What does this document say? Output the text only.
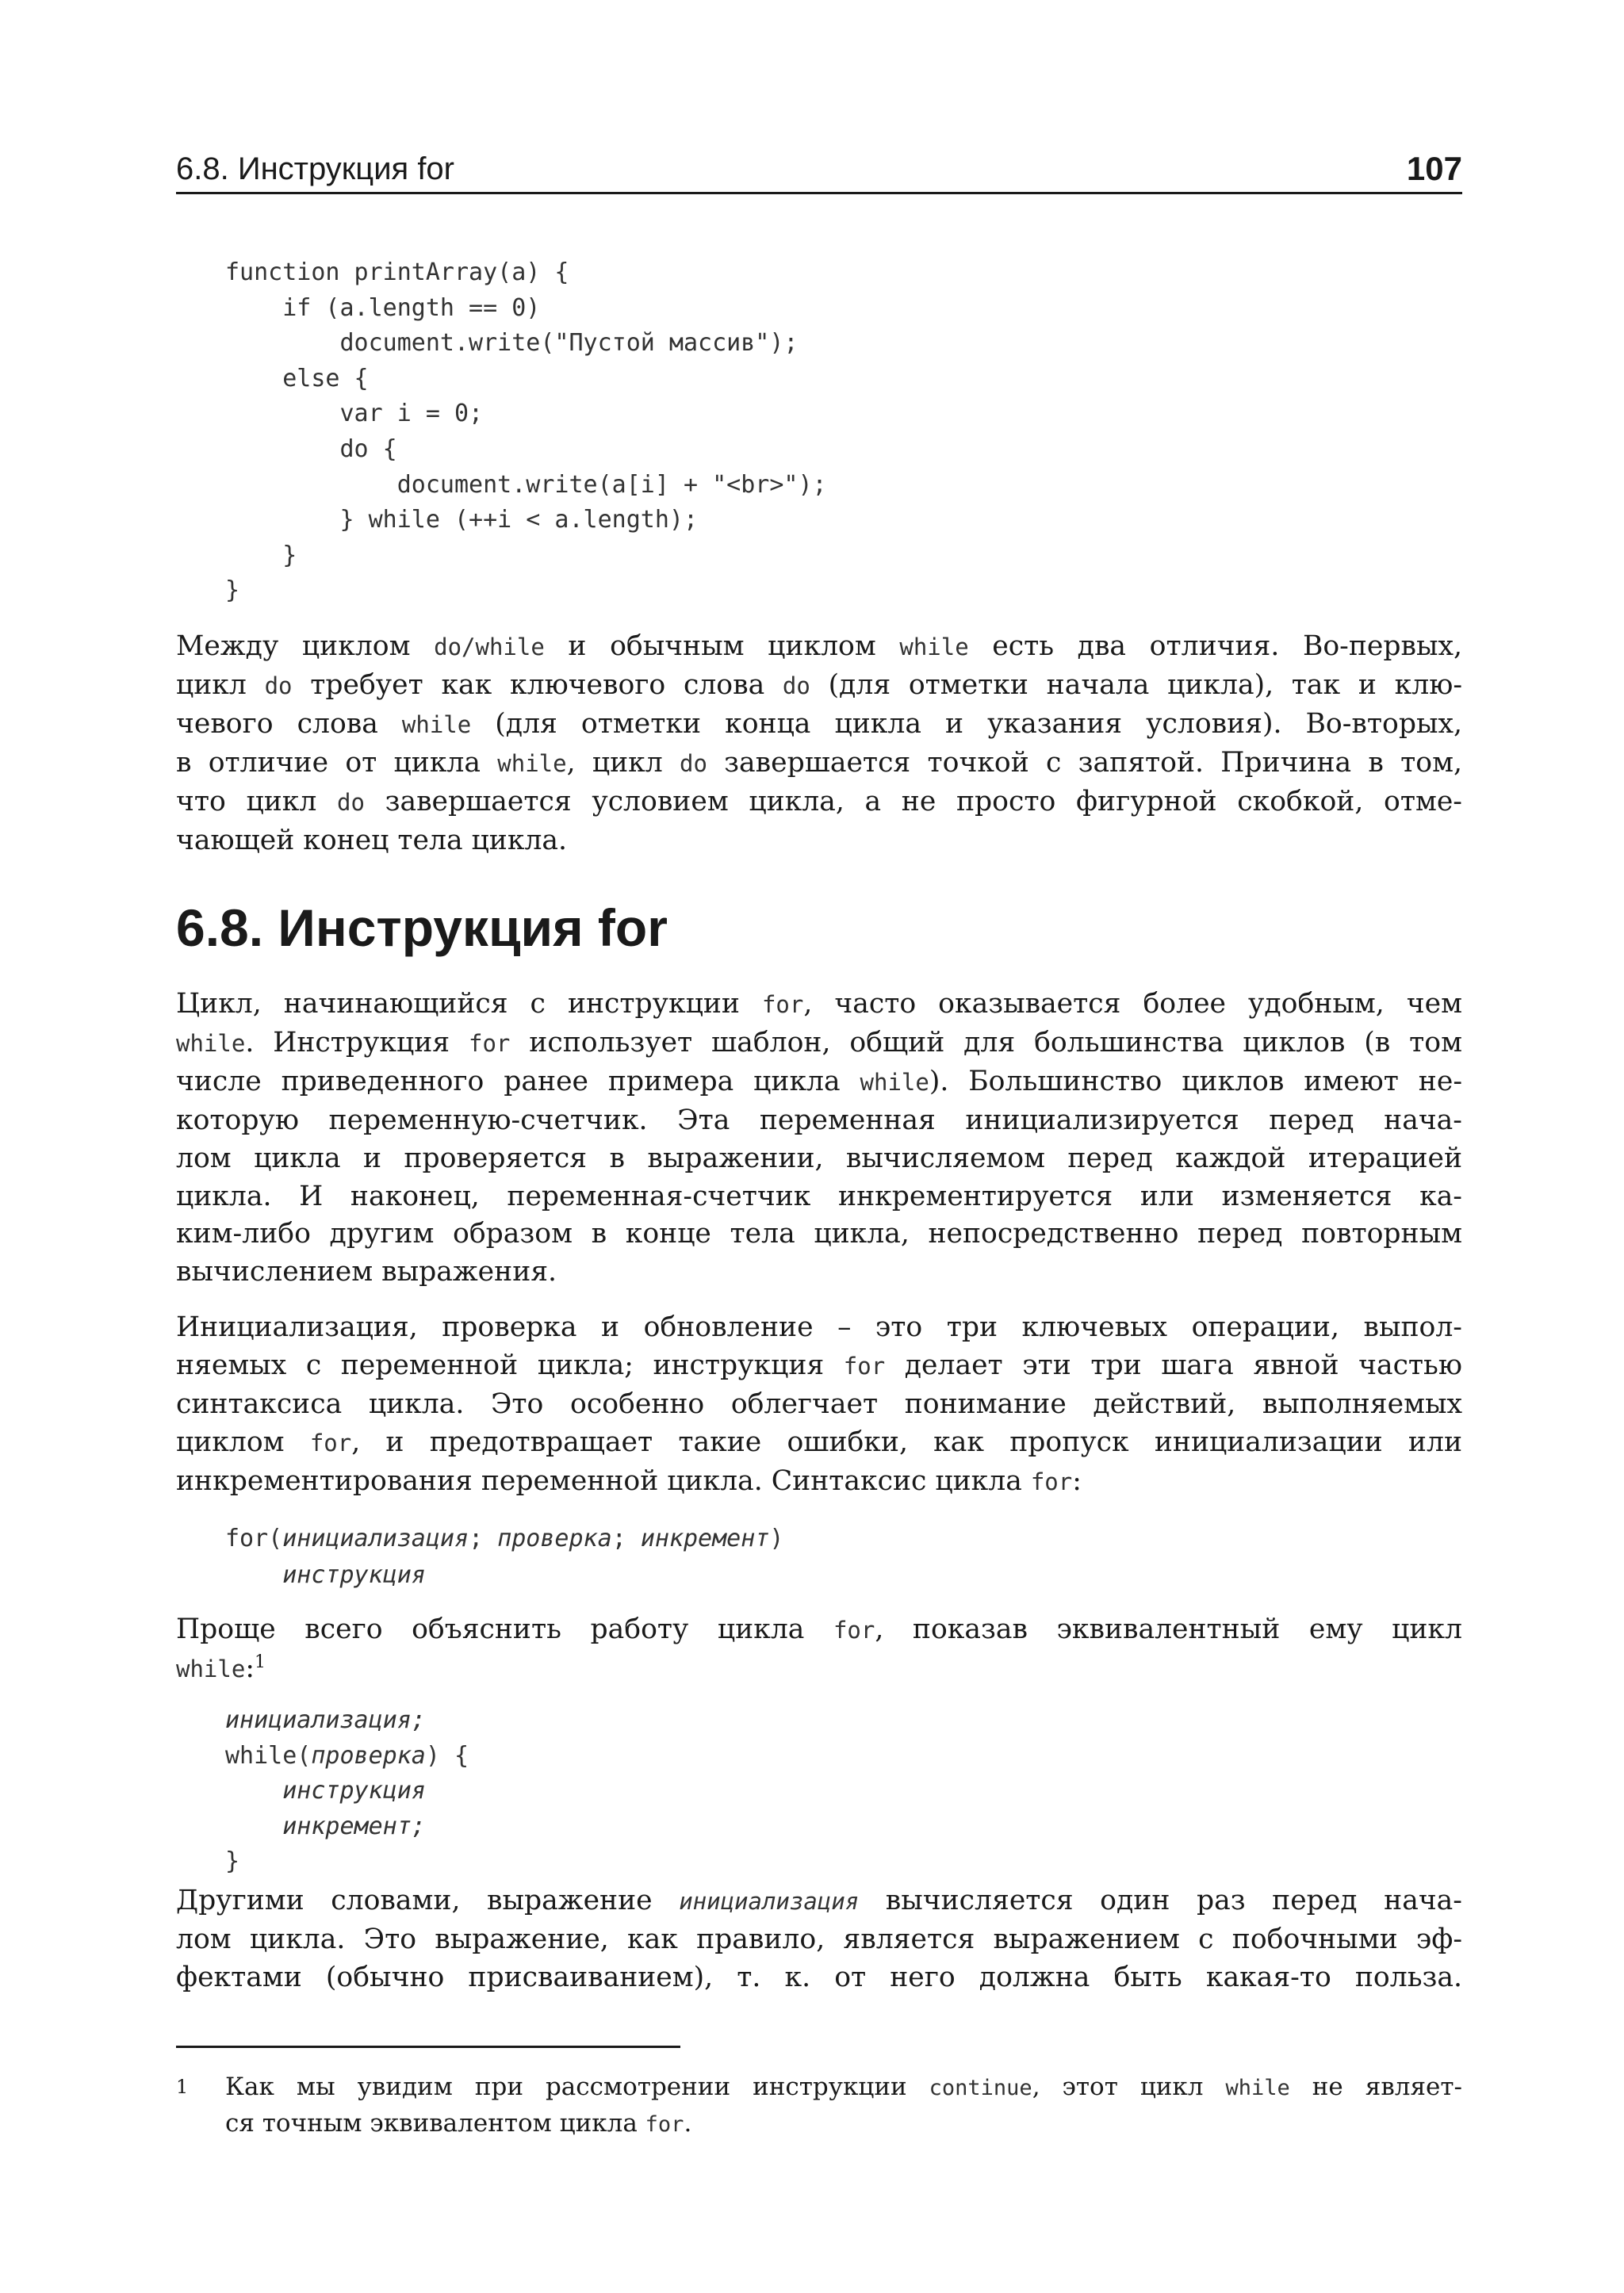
6.8. Инструкция for	107
function printArray(a) {
if (a.length == 0)
document.write("Пустой массив");
else {
var i = 0;
do {
document.write(a[i] + "<br>");
} while (++i < a.length);
}
}

Между циклом do/while и обычным циклом while есть два отличия. Во-первых,
цикл do требует как ключевого слова do (для отметки начала цикла), так и клю-
чевого слова while (для отметки конца цикла и указания условия). Во-вторых,
в отличие от цикла while, цикл do завершается точкой с запятой. Причина в том,
что цикл do завершается условием цикла, а не просто фигурной скобкой, отме-
чающей конец тела цикла.

6.8. Инструкция for

Цикл, начинающийся с инструкции for, часто оказывается более удобным, чем
while. Инструкция for использует шаблон, общий для большинства циклов (в том
числе приведенного ранее примера цикла while). Большинство циклов имеют не-
которую переменную-счетчик. Эта переменная инициализируется перед нача-
лом цикла и проверяется в выражении, вычисляемом перед каждой итерацией
цикла. И наконец, переменная-счетчик инкрементируется или изменяется ка-
ким-либо другим образом в конце тела цикла, непосредственно перед повторным
вычислением выражения.

Инициализация, проверка и обновление – это три ключевых операции, выпол-
няемых с переменной цикла; инструкция for делает эти три шага явной частью
синтаксиса цикла. Это особенно облегчает понимание действий, выполняемых
циклом for, и предотвращает такие ошибки, как пропуск инициализации или
инкрементирования переменной цикла. Синтаксис цикла for:

for(инициализация; проверка; инкремент)
инструкция

Проще всего объяснить работу цикла for, показав эквивалентный ему цикл
while:$^1$

инициализация;
while(проверка) {
инструкция
инкремент;
}

Другими словами, выражение инициализация вычисляется один раз перед нача-
лом цикла. Это выражение, как правило, является выражением с побочными эф-
фектами (обычно присваиванием), т. к. от него должна быть какая-то польза.

1 Как мы увидим при рассмотрении инструкции continue, этот цикл while не являет-
ся точным эквивалентом цикла for.
